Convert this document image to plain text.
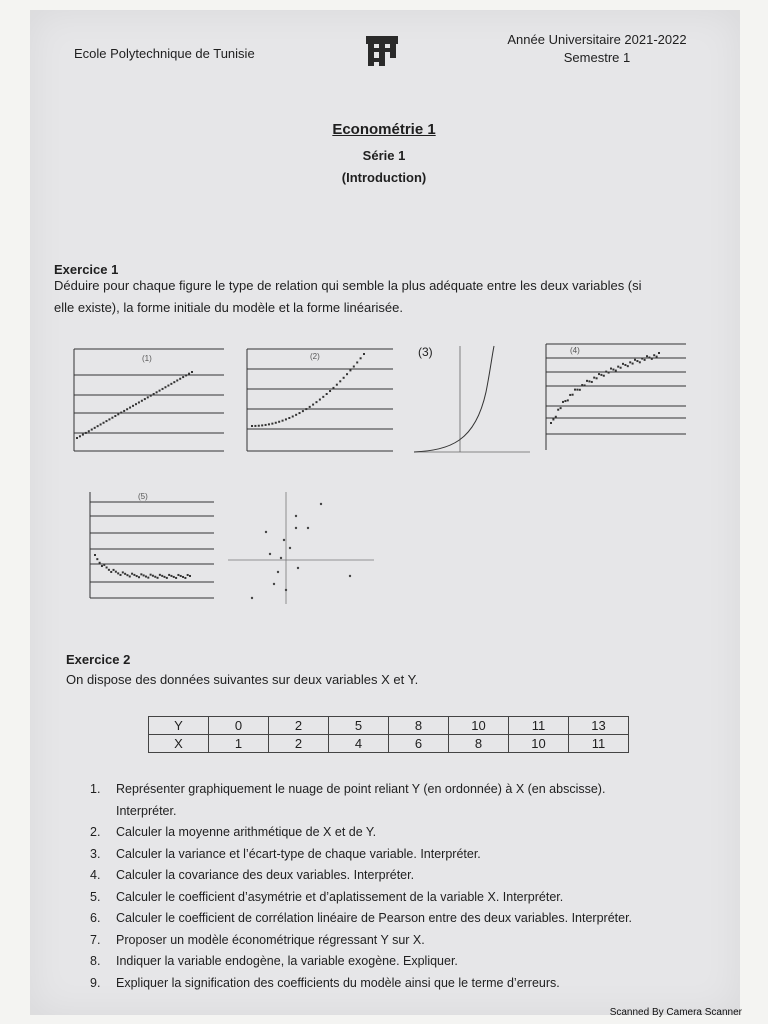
Ecole Polytechnique de Tunisie
Année Universitaire 2021-2022
Semestre 1
Econométrie 1
Série 1
(Introduction)
Exercice 1
Déduire pour chaque figure le type de relation qui semble la plus adéquate entre les deux variables (si
elle existe), la forme initiale du modèle et la forme linéarisée.
(1)	(2)	(3)	(4)
(5)
Exercice 2
On dispose des données suivantes sur deux variables X et Y.
Y	0	2	5	8	10	11	13
X	1	2	4	6	8	10	11
1. Représenter graphiquement le nuage de point reliant Y (en ordonnée) à X (en abscisse).
Interpréter.
2. Calculer la moyenne arithmétique de X et de Y.
3. Calculer la variance et l’écart-type de chaque variable. Interpréter.
4. Calculer la covariance des deux variables. Interpréter.
5. Calculer le coefficient d’asymétrie et d’aplatissement de la variable X. Interpréter.
6. Calculer le coefficient de corrélation linéaire de Pearson entre des deux variables. Interpréter.
7. Proposer un modèle économétrique régressant Y sur X.
8. Indiquer la variable endogène, la variable exogène. Expliquer.
9. Expliquer la signification des coefficients du modèle ainsi que le terme d’erreurs.
Scanned By Camera Scanner
